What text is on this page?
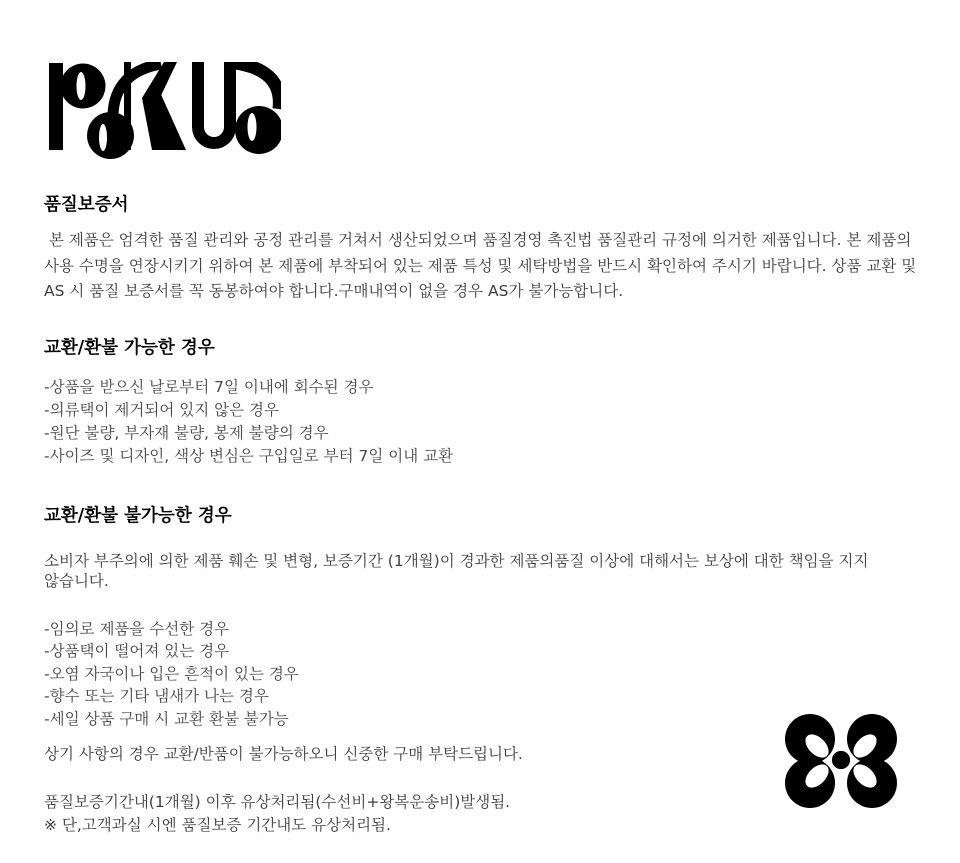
품질보증서

본 제품은 엄격한 품질 관리와 공정 관리를 거쳐서 생산되었으며 품질경영 촉진법 품질관리 규정에 의거한 제품입니다. 본 제품의 사용 수명을 연장시키기 위하여 본 제품에 부착되어 있는 제품 특성 및 세탁방법을 반드시 확인하여 주시기 바랍니다. 상품 교환 및 AS 시 품질 보증서를 꼭 동봉하여야 합니다.구매내역이 없을 경우 AS가 불가능합니다.

교환/환불 가능한 경우
-상품을 받으신 날로부터 7일 이내에 회수된 경우
-의류택이 제거되어 있지 않은 경우
-원단 불량, 부자재 불량, 봉제 불량의 경우
-사이즈 및 디자인, 색상 변심은 구입일로 부터 7일 이내 교환
교환/환불 불가능한 경우

소비자 부주의에 의한 제품 훼손 및 변형, 보증기간 (1개월)이 경과한 제품의품질 이상에 대해서는 보상에 대한 책임을 지지 않습니다.

-임의로 제품을 수선한 경우
-상품택이 떨어져 있는 경우
-오염 자국이나 입은 흔적이 있는 경우
-향수 또는 기타 냄새가 나는 경우
-세일 상품 구매 시 교환 환불 불가능

상기 사항의 경우 교환/반품이 불가능하오니 신중한 구매 부탁드립니다.

품질보증기간내(1개월) 이후 유상처리됨(수선비+왕복운송비)발생됨.
※ 단,고객과실 시엔 품질보증 기간내도 유상처리됨.
